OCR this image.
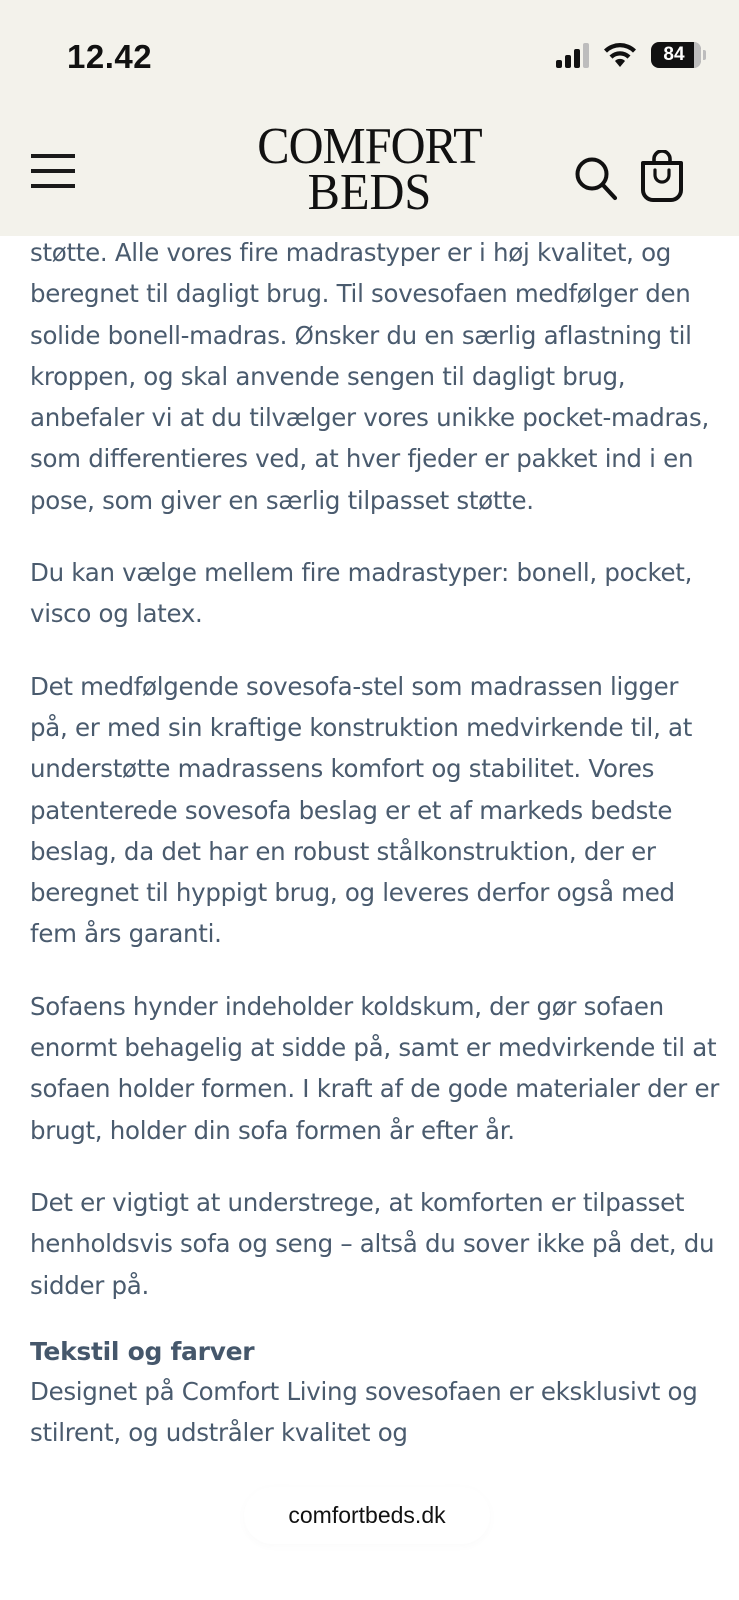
12.42	84
COMFORT
BEDS

støtte. Alle vores fire madrastyper er i høj kvalitet, og beregnet til dagligt brug. Til sovesofaen medfølger den solide bonell-madras. Ønsker du en særlig aflastning til kroppen, og skal anvende sengen til dagligt brug, anbefaler vi at du tilvælger vores unikke pocket-madras, som differentieres ved, at hver fjeder er pakket ind i en pose, som giver en særlig tilpasset støtte.

Du kan vælge mellem fire madrastyper: bonell, pocket, visco og latex.

Det medfølgende sovesofa-stel som madrassen ligger på, er med sin kraftige konstruktion medvirkende til, at understøtte madrassens komfort og stabilitet. Vores patenterede sovesofa beslag er et af markeds bedste beslag, da det har en robust stålkonstruktion, der er beregnet til hyppigt brug, og leveres derfor også med fem års garanti.

Sofaens hynder indeholder koldskum, der gør sofaen enormt behagelig at sidde på, samt er medvirkende til at sofaen holder formen. I kraft af de gode materialer der er brugt, holder din sofa formen år efter år.

Det er vigtigt at understrege, at komforten er tilpasset henholdsvis sofa og seng – altså du sover ikke på det, du sidder på.

Tekstil og farver

Designet på Comfort Living sovesofaen er eksklusivt og stilrent, og udstråler kvalitet og

comfortbeds.dk
